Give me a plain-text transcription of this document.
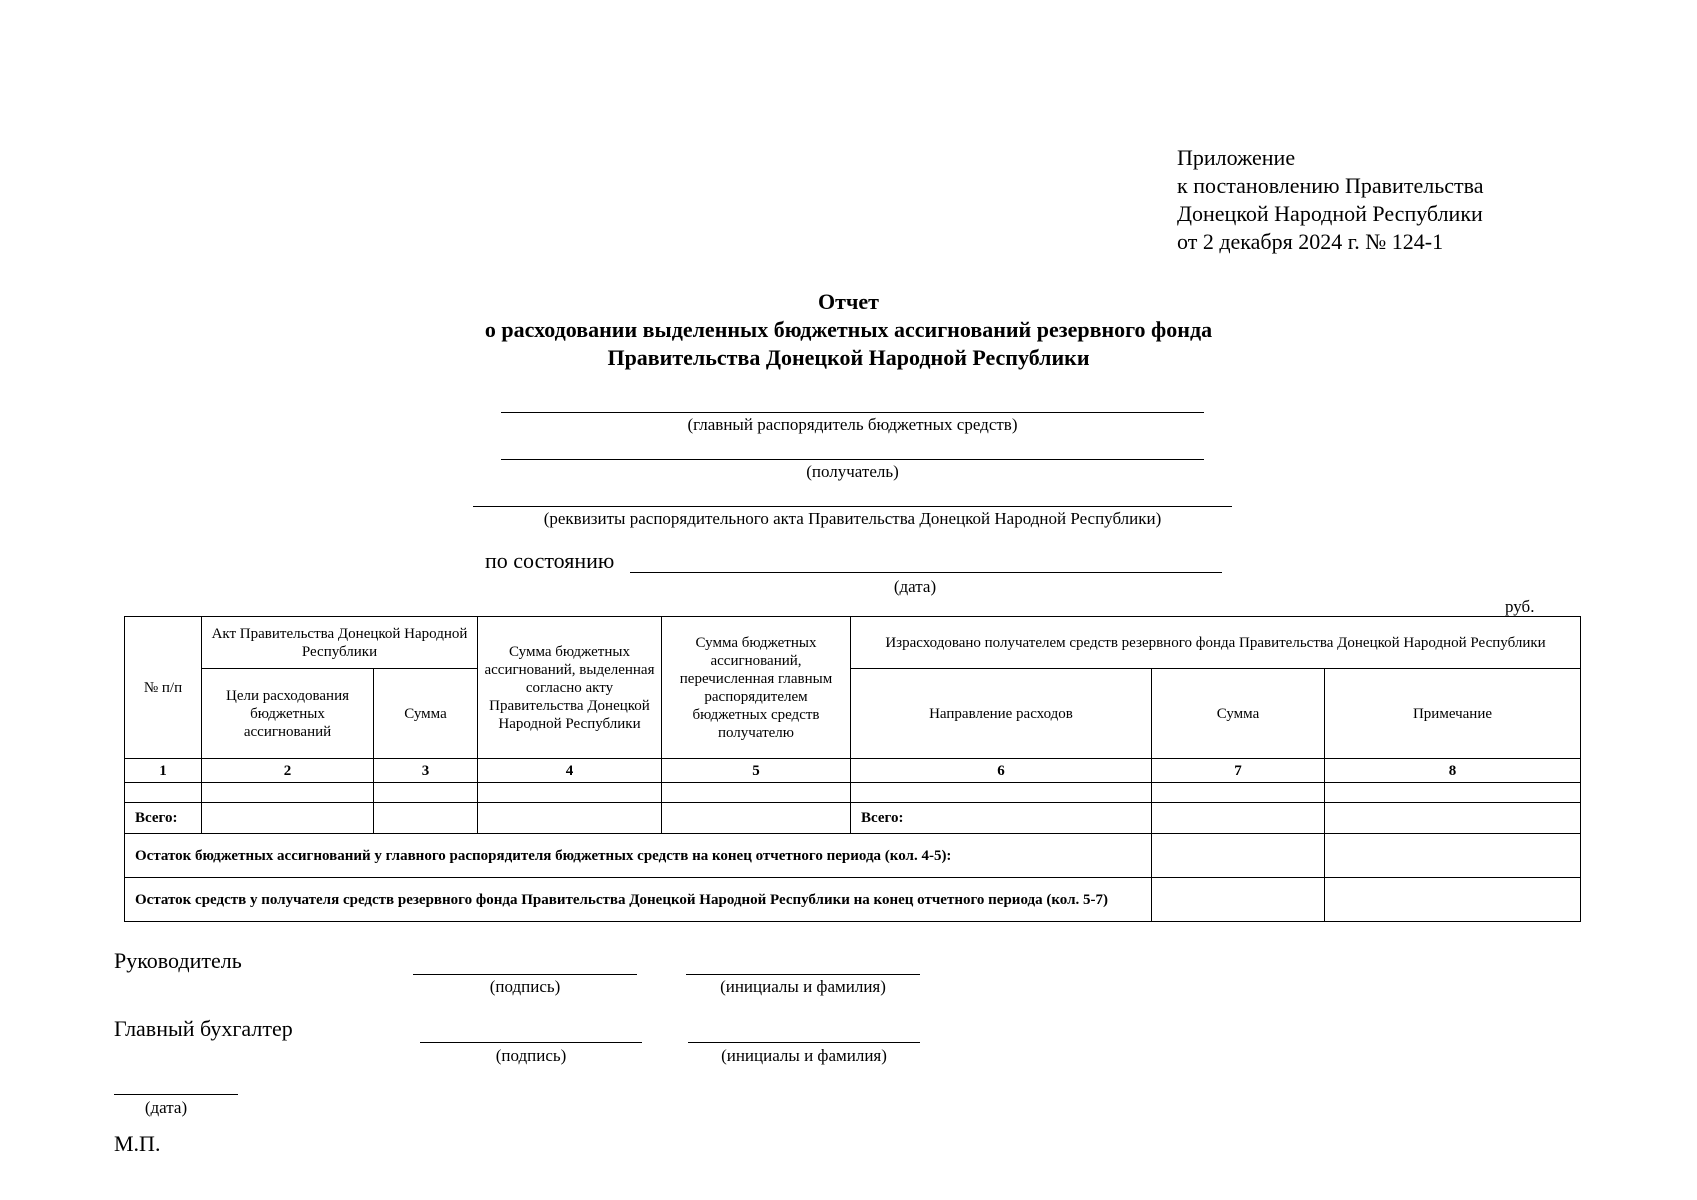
Приложение
к постановлению Правительства
Донецкой Народной Республики
от 2 декабря 2024 г. № 124-1
Отчет
о расходовании выделенных бюджетных ассигнований резервного фонда
Правительства Донецкой Народной Республики
(главный распорядитель бюджетных средств)
(получатель)
(реквизиты распорядительного акта Правительства Донецкой Народной Республики)
по состоянию
(дата)
руб.
№ п/п	Акт Правительства Донецкой Народной Республики		Сумма бюджетных ассигнований, выделенная согласно акту Правительства Донецкой Народной Республики	Сумма бюджетных ассигнований, перечисленная главным распорядителем бюджетных средств получателю	Израсходовано получателем средств резервного фонда Правительства Донецкой Народной Республики		
	Цели расходования бюджетных ассигнований	Сумма			Направление расходов	Сумма	Примечание
1	2	3	4	5	6	7	8

Всего:					Всего:		
Остаток бюджетных ассигнований у главного распорядителя бюджетных средств на конец отчетного периода (кол. 4-5):							
Остаток средств у получателя средств резервного фонда Правительства Донецкой Народной Республики на конец отчетного периода (кол. 5-7)							
Руководитель
(подпись)	(инициалы и фамилия)
Главный бухгалтер
(подпись)	(инициалы и фамилия)
(дата)
М.П.
